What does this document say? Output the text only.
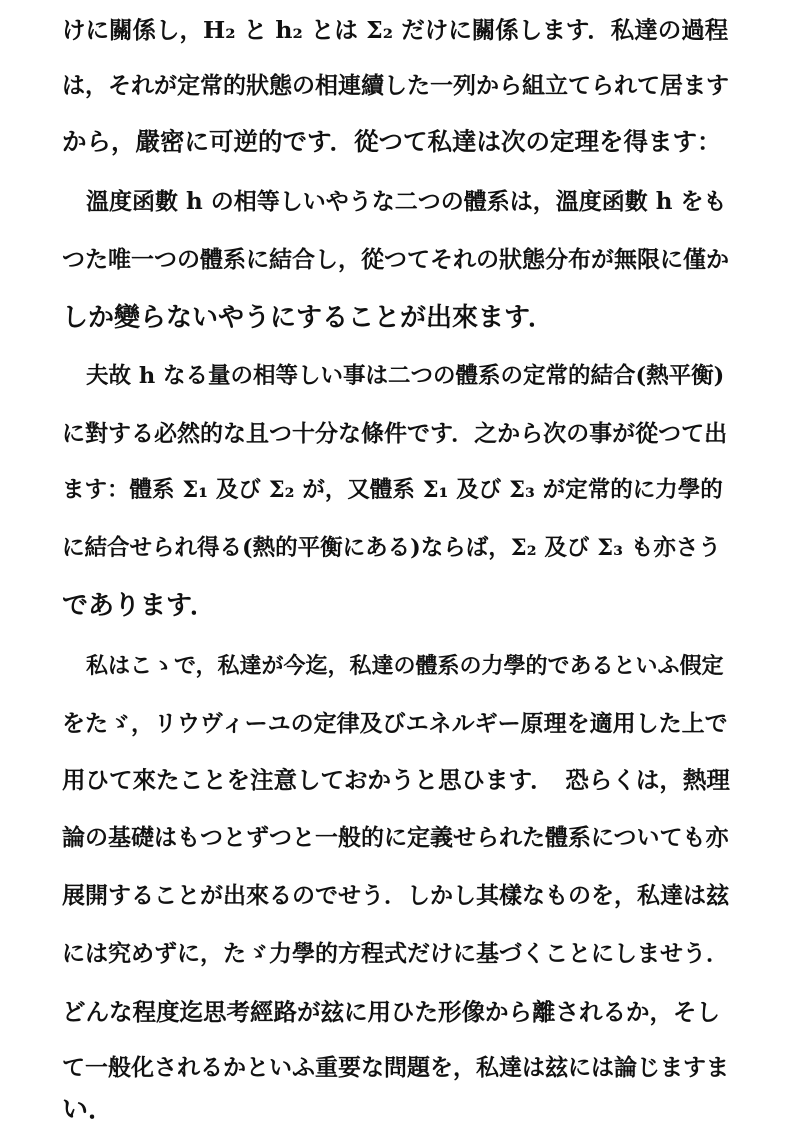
けに關係し，H₂ と h₂ とは Σ₂ だけに關係します．私達の過程
は，それが定常的狀態の相連續した一列から組立てられて居ます
から，嚴密に可逆的です．從つて私達は次の定理を得ます：
溫度函數 h の相等しいやうな二つの體系は，溫度函數 h をも
つた唯一つの體系に結合し，從つてそれの狀態分布が無限に僅か
しか變らないやうにすることが出來ます．
夫故 h なる量の相等しい事は二つの體系の定常的結合(熱平衡)
に對する必然的な且つ十分な條件です．之から次の事が從つて出
ます：體系 Σ₁ 及び Σ₂ が，又體系 Σ₁ 及び Σ₃ が定常的に力學的
に結合せられ得る(熱的平衡にある)ならば，Σ₂ 及び Σ₃ も亦さう
であります．
私はこゝで，私達が今迄，私達の體系の力學的であるといふ假定
をたゞ，リウヴィーユの定律及びエネルギー原理を適用した上で
用ひて來たことを注意しておかうと思ひます．　恐らくは，熱理
論の基礎はもつとずつと一般的に定義せられた體系についても亦
展開することが出來るのでせう．しかし其樣なものを，私達は玆
には究めずに，たゞ力學的方程式だけに基づくことにしませう．
どんな程度迄思考經路が玆に用ひた形像から離されるか，そし
て一般化されるかといふ重要な問題を，私達は玆には論じますま
い．
